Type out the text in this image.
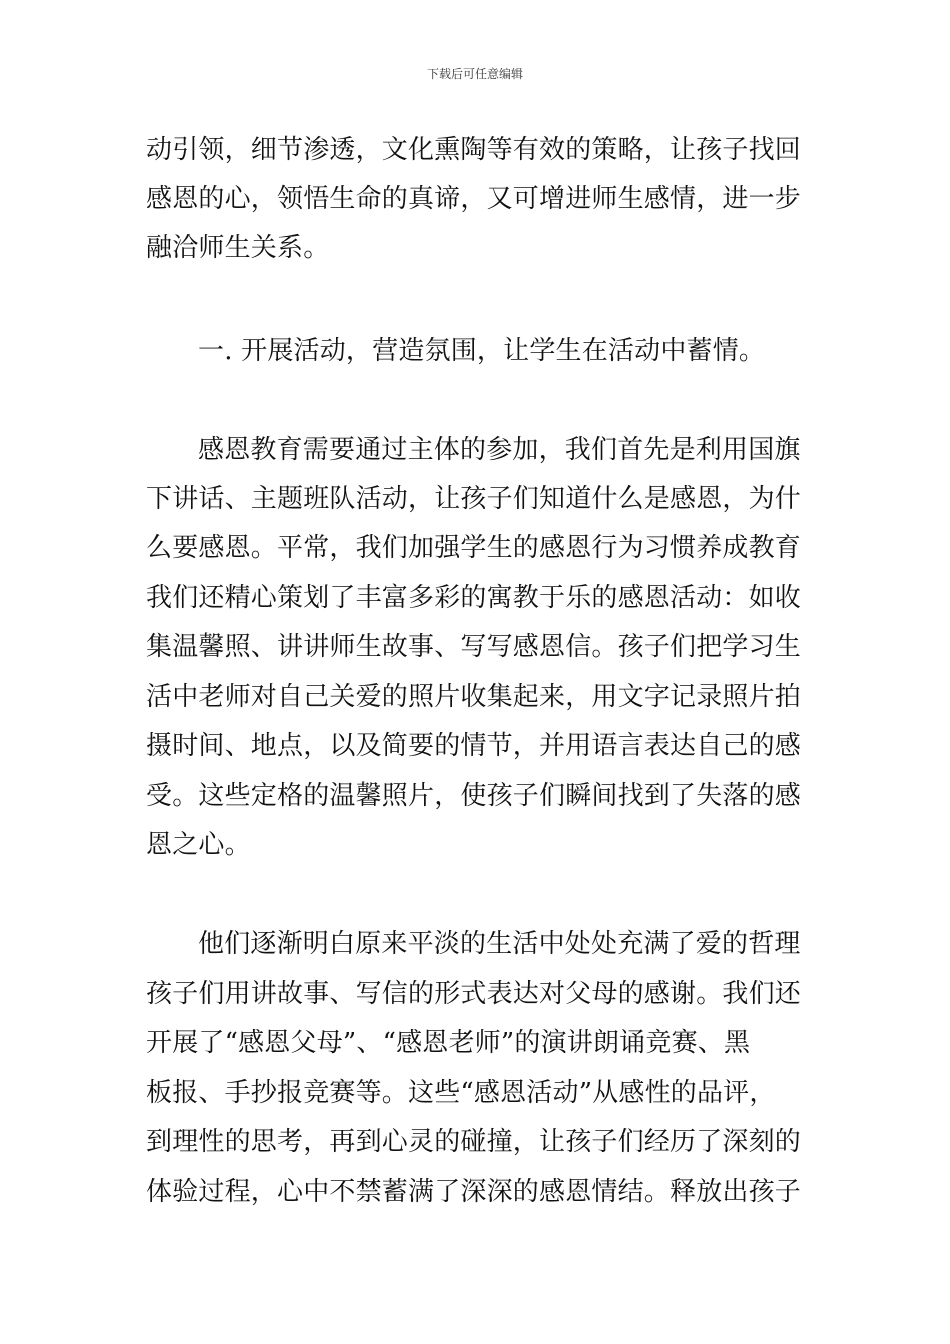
下载后可任意编辑
动引领，细节渗透，文化熏陶等有效的策略，让孩子找回
感恩的心，领悟生命的真谛，又可增进师生感情，进一步
融洽师生关系。
一. 开展活动，营造氛围，让学生在活动中蓄情。
感恩教育需要通过主体的参加，我们首先是利用国旗
下讲话、主题班队活动，让孩子们知道什么是感恩，为什
么要感恩。平常，我们加强学生的感恩行为习惯养成教育
我们还精心策划了丰富多彩的寓教于乐的感恩活动：如收
集温馨照、讲讲师生故事、写写感恩信。孩子们把学习生
活中老师对自己关爱的照片收集起来，用文字记录照片拍
摄时间、地点，以及简要的情节，并用语言表达自己的感
受。这些定格的温馨照片，使孩子们瞬间找到了失落的感
恩之心。
他们逐渐明白原来平淡的生活中处处充满了爱的哲理
孩子们用讲故事、写信的形式表达对父母的感谢。我们还
开展了“感恩父母”、“感恩老师”的演讲朗诵竞赛、黑
板报、手抄报竞赛等。这些“感恩活动”从感性的品评，
到理性的思考，再到心灵的碰撞，让孩子们经历了深刻的
体验过程，心中不禁蓄满了深深的感恩情结。释放出孩子
